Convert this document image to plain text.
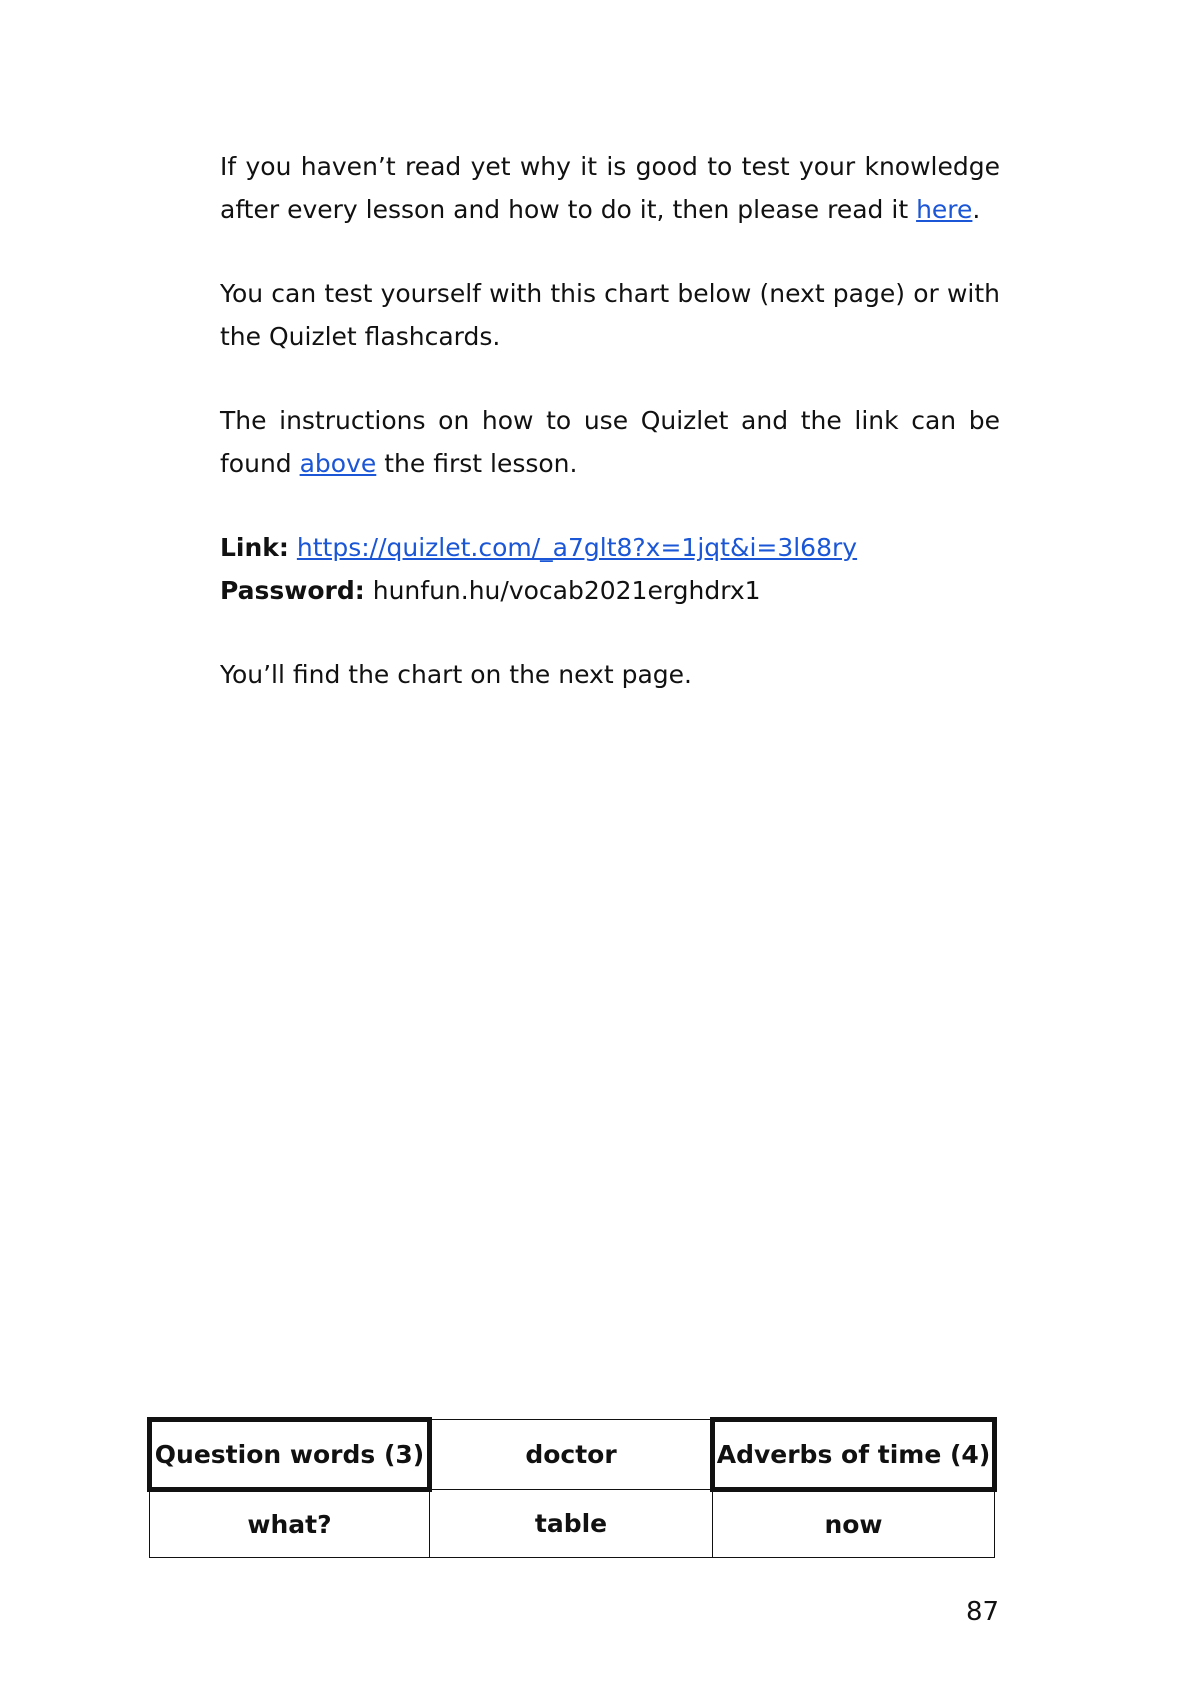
If you haven’t read yet why it is good to test your knowledge after every lesson and how to do it, then please read it here.

You can test yourself with this chart below (next page) or with the Quizlet flashcards.

The instructions on how to use Quizlet and the link can be found above the first lesson.

Link: https://quizlet.com/_a7glt8?x=1jqt&i=3l68ry
Password: hunfun.hu/vocab2021erghdrx1

You’ll find the chart on the next page.

Question words (3)	doctor	Adverbs of time (4)
what?	table	now
87
